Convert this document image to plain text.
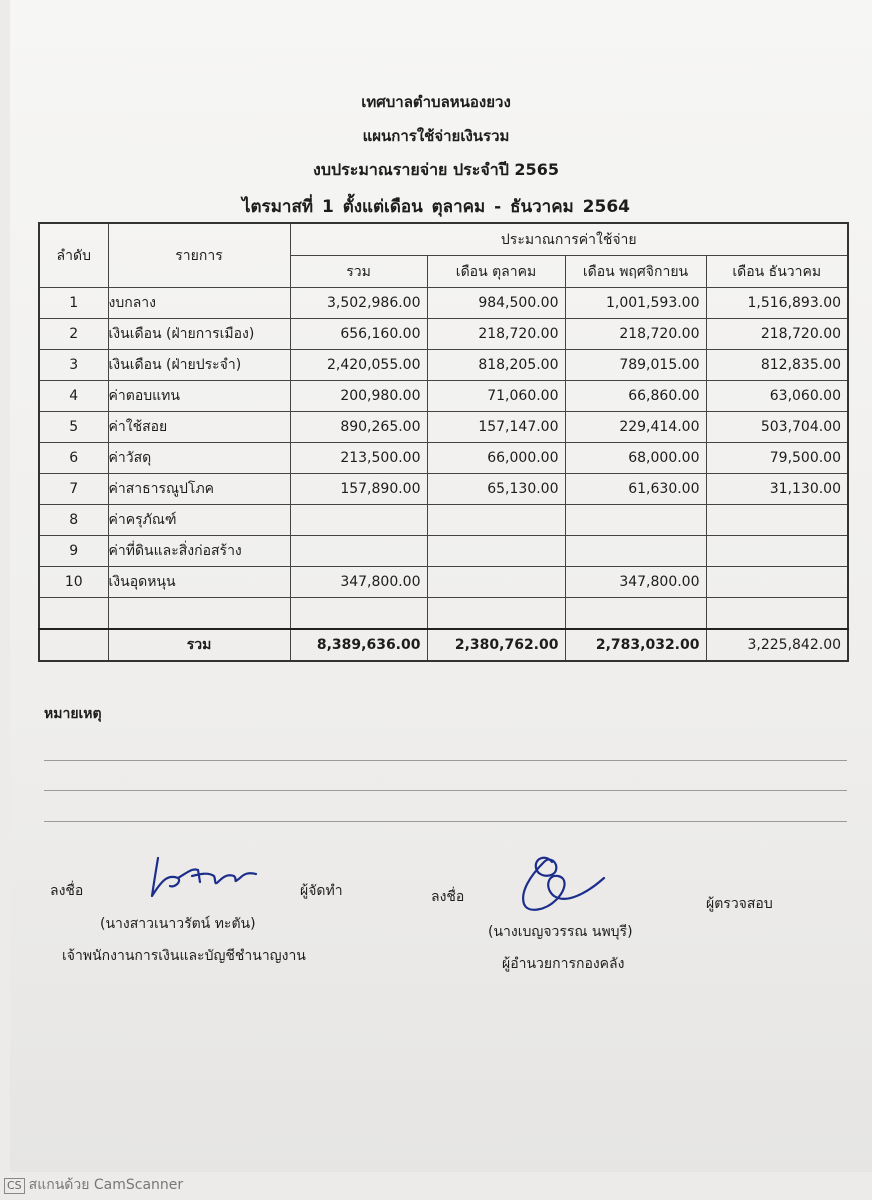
เทศบาลตำบลหนองยวง
แผนการใช้จ่ายเงินรวม
งบประมาณรายจ่าย ประจำปี 2565
ไตรมาสที่ 1 ตั้งแต่เดือน ตุลาคม - ธันวาคม 2564
ลำดับ	รายการ	ประมาณการค่าใช้จ่าย			
		รวม	เดือน ตุลาคม	เดือน พฤศจิกายน	เดือน ธันวาคม
1	งบกลาง	3,502,986.00	984,500.00	1,001,593.00	1,516,893.00
2	เงินเดือน (ฝ่ายการเมือง)	656,160.00	218,720.00	218,720.00	218,720.00
3	เงินเดือน (ฝ่ายประจำ)	2,420,055.00	818,205.00	789,015.00	812,835.00
4	ค่าตอบแทน	200,980.00	71,060.00	66,860.00	63,060.00
5	ค่าใช้สอย	890,265.00	157,147.00	229,414.00	503,704.00
6	ค่าวัสดุ	213,500.00	66,000.00	68,000.00	79,500.00
7	ค่าสาธารณูปโภค	157,890.00	65,130.00	61,630.00	31,130.00
8	ค่าครุภัณฑ์				
9	ค่าที่ดินและสิ่งก่อสร้าง				
10	เงินอุดหนุน	347,800.00		347,800.00	

	รวม	8,389,636.00	2,380,762.00	2,783,032.00	3,225,842.00
หมายเหตุ
ลงชื่อ	ผู้จัดทำ
(นางสาวเนาวรัตน์ ทะตัน)
เจ้าพนักงานการเงินและบัญชีชำนาญงาน
ลงชื่อ	ผู้ตรวจสอบ
(นางเบญจวรรณ นพบุรี)
ผู้อำนวยการกองคลัง
CS สแกนด้วย CamScanner
